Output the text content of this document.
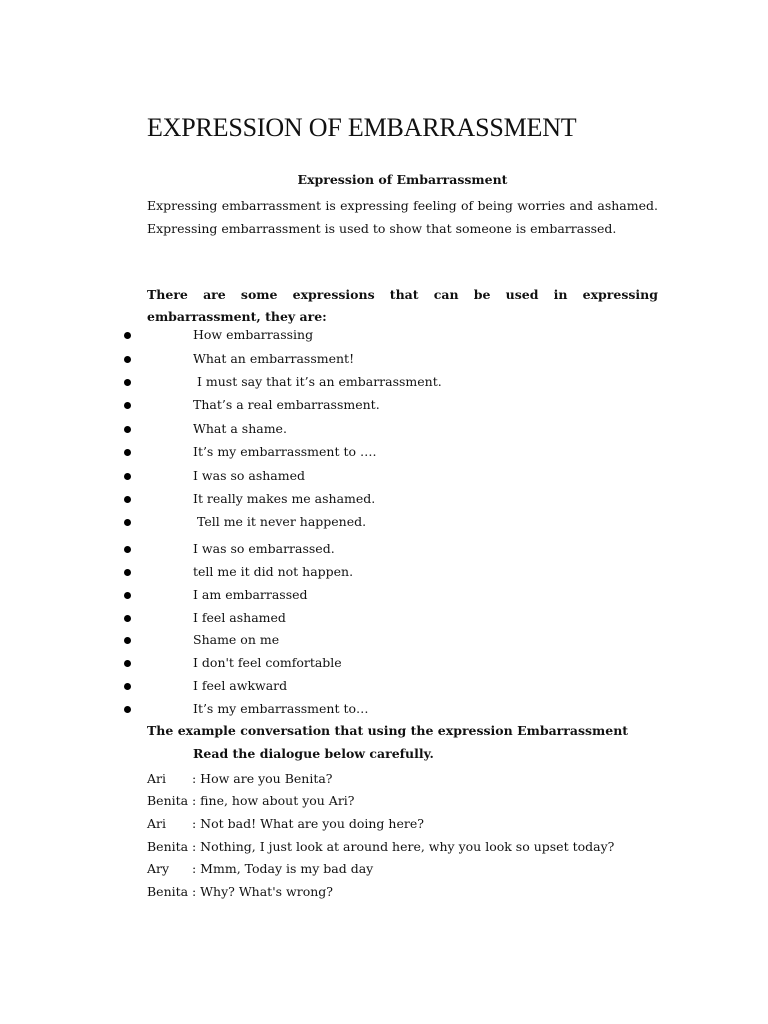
EXPRESSION OF EMBARRASSMENT
Expression of Embarrassment

Expressing embarrassment is expressing feeling of being worries and ashamed. Expressing embarrassment is used to show that someone is embarrassed.

There are some expressions that can be used in expressing embarrassment, they are:

How embarrassing
What an embarrassment!
I must say that it’s an embarrassment.
That’s a real embarrassment.
What a shame.
It’s my embarrassment to ….
I was so ashamed
It really makes me ashamed.
Tell me it never happened.
I was so embarrassed.
tell me it did not happen.
I am embarrassed
I feel ashamed
Shame on me
I don't feel comfortable
I feel awkward
It’s my embarrassment to…

The example conversation that using the expression Embarrassment

Read the dialogue below carefully.

Ari : How are you Benita?
Benita : fine, how about you Ari?
Ari : Not bad! What are you doing here?
Benita : Nothing, I just look at around here, why you look so upset today?
Ary : Mmm, Today is my bad day
Benita : Why? What's wrong?
